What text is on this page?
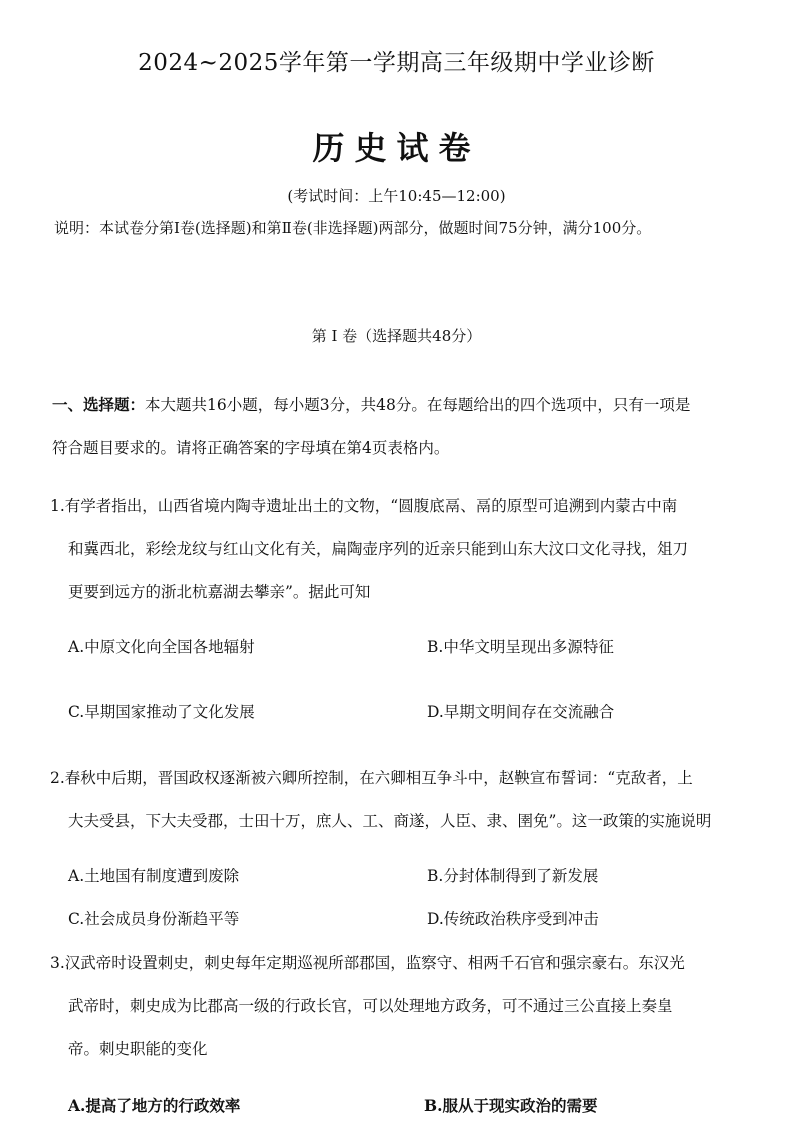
2024~2025学年第一学期高三年级期中学业诊断
历史试卷
(考试时间：上午10:45—12:00)
说明：本试卷分第Ⅰ卷(选择题)和第Ⅱ卷(非选择题)两部分，做题时间75分钟，满分100分。
第 Ⅰ 卷（选择题共48分）
一、选择题：本大题共16小题，每小题3分，共48分。在每题给出的四个选项中，只有一项是
符合题目要求的。请将正确答案的字母填在第4页表格内。
1.有学者指出，山西省境内陶寺遗址出土的文物，“圆腹底鬲、鬲的原型可追溯到内蒙古中南
和冀西北，彩绘龙纹与红山文化有关，扁陶壶序列的近亲只能到山东大汶口文化寻找，俎刀
更要到远方的浙北杭嘉湖去攀亲”。据此可知
A.中原文化向全国各地辐射	B.中华文明呈现出多源特征
C.早期国家推动了文化发展	D.早期文明间存在交流融合
2.春秋中后期，晋国政权逐渐被六卿所控制，在六卿相互争斗中，赵鞅宣布誓词：“克敌者，上
大夫受县，下大夫受郡，士田十万，庶人、工、商遂，人臣、隶、圉免”。这一政策的实施说明
A.土地国有制度遭到废除	B.分封体制得到了新发展
C.社会成员身份渐趋平等	D.传统政治秩序受到冲击
3.汉武帝时设置刺史，刺史每年定期巡视所部郡国，监察守、相两千石官和强宗豪右。东汉光
武帝时，刺史成为比郡高一级的行政长官，可以处理地方政务，可不通过三公直接上奏皇
帝。刺史职能的变化
A.提高了地方的行政效率	B.服从于现实政治的需要
